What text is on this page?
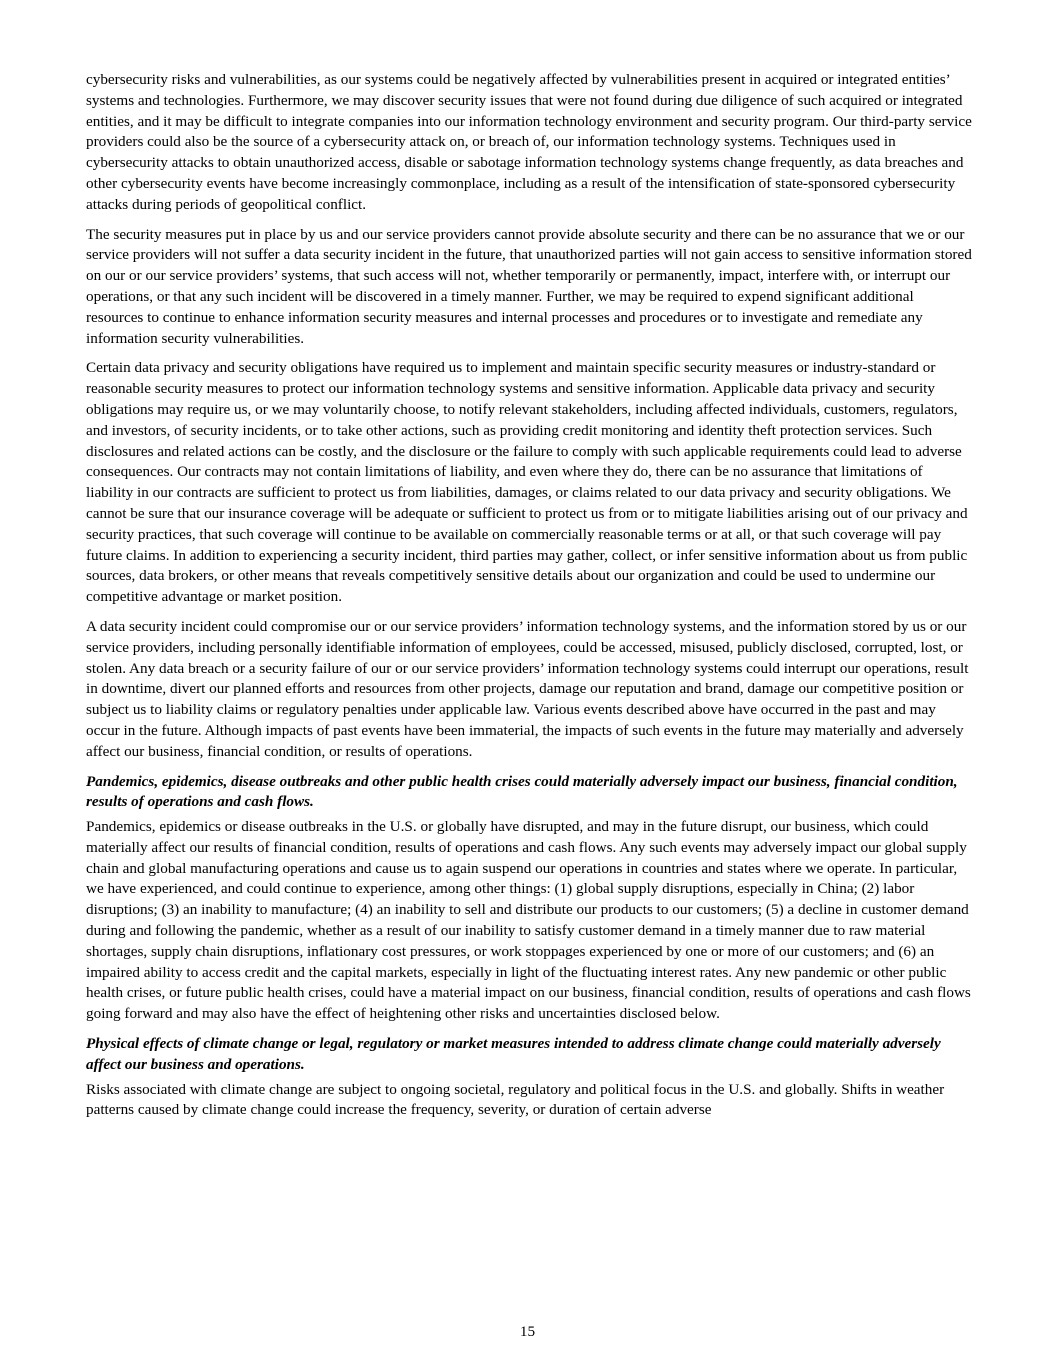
cybersecurity risks and vulnerabilities, as our systems could be negatively affected by vulnerabilities present in acquired or integrated entities’ systems and technologies. Furthermore, we may discover security issues that were not found during due diligence of such acquired or integrated entities, and it may be difficult to integrate companies into our information technology environment and security program. Our third-party service providers could also be the source of a cybersecurity attack on, or breach of, our information technology systems. Techniques used in cybersecurity attacks to obtain unauthorized access, disable or sabotage information technology systems change frequently, as data breaches and other cybersecurity events have become increasingly commonplace, including as a result of the intensification of state-sponsored cybersecurity attacks during periods of geopolitical conflict.

The security measures put in place by us and our service providers cannot provide absolute security and there can be no assurance that we or our service providers will not suffer a data security incident in the future, that unauthorized parties will not gain access to sensitive information stored on our or our service providers’ systems, that such access will not, whether temporarily or permanently, impact, interfere with, or interrupt our operations, or that any such incident will be discovered in a timely manner. Further, we may be required to expend significant additional resources to continue to enhance information security measures and internal processes and procedures or to investigate and remediate any information security vulnerabilities.

Certain data privacy and security obligations have required us to implement and maintain specific security measures or industry-standard or reasonable security measures to protect our information technology systems and sensitive information. Applicable data privacy and security obligations may require us, or we may voluntarily choose, to notify relevant stakeholders, including affected individuals, customers, regulators, and investors, of security incidents, or to take other actions, such as providing credit monitoring and identity theft protection services. Such disclosures and related actions can be costly, and the disclosure or the failure to comply with such applicable requirements could lead to adverse consequences. Our contracts may not contain limitations of liability, and even where they do, there can be no assurance that limitations of liability in our contracts are sufficient to protect us from liabilities, damages, or claims related to our data privacy and security obligations. We cannot be sure that our insurance coverage will be adequate or sufficient to protect us from or to mitigate liabilities arising out of our privacy and security practices, that such coverage will continue to be available on commercially reasonable terms or at all, or that such coverage will pay future claims. In addition to experiencing a security incident, third parties may gather, collect, or infer sensitive information about us from public sources, data brokers, or other means that reveals competitively sensitive details about our organization and could be used to undermine our competitive advantage or market position.

A data security incident could compromise our or our service providers’ information technology systems, and the information stored by us or our service providers, including personally identifiable information of employees, could be accessed, misused, publicly disclosed, corrupted, lost, or stolen. Any data breach or a security failure of our or our service providers’ information technology systems could interrupt our operations, result in downtime, divert our planned efforts and resources from other projects, damage our reputation and brand, damage our competitive position or subject us to liability claims or regulatory penalties under applicable law. Various events described above have occurred in the past and may occur in the future. Although impacts of past events have been immaterial, the impacts of such events in the future may materially and adversely affect our business, financial condition, or results of operations.

Pandemics, epidemics, disease outbreaks and other public health crises could materially adversely impact our business, financial condition, results of operations and cash flows.

Pandemics, epidemics or disease outbreaks in the U.S. or globally have disrupted, and may in the future disrupt, our business, which could materially affect our results of financial condition, results of operations and cash flows. Any such events may adversely impact our global supply chain and global manufacturing operations and cause us to again suspend our operations in countries and states where we operate. In particular, we have experienced, and could continue to experience, among other things: (1) global supply disruptions, especially in China; (2) labor disruptions; (3) an inability to manufacture; (4) an inability to sell and distribute our products to our customers; (5) a decline in customer demand during and following the pandemic, whether as a result of our inability to satisfy customer demand in a timely manner due to raw material shortages, supply chain disruptions, inflationary cost pressures, or work stoppages experienced by one or more of our customers; and (6) an impaired ability to access credit and the capital markets, especially in light of the fluctuating interest rates. Any new pandemic or other public health crises, or future public health crises, could have a material impact on our business, financial condition, results of operations and cash flows going forward and may also have the effect of heightening other risks and uncertainties disclosed below.

Physical effects of climate change or legal, regulatory or market measures intended to address climate change could materially adversely affect our business and operations.

Risks associated with climate change are subject to ongoing societal, regulatory and political focus in the U.S. and globally. Shifts in weather patterns caused by climate change could increase the frequency, severity, or duration of certain adverse

15
